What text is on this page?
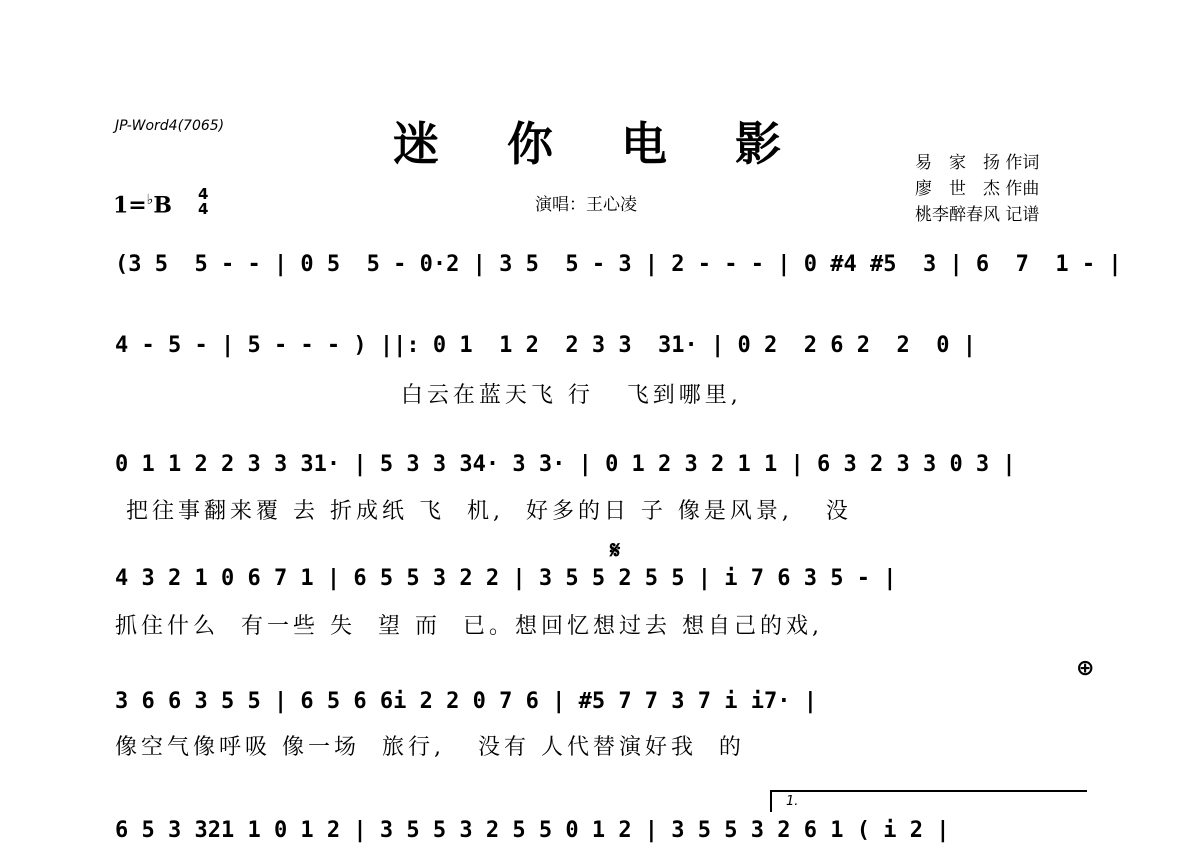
JP-Word4(7065)	迷 你 电 影
1=♭B 4
4	演唱：王心凌
易　家　扬 作词
廖　世　杰 作曲
桃李醉春风 记谱
(3 5  5 - - | 0 5  5 - 0·2 | 3 5  5 - 3 | 2 - - - | 0 #4 #5  3 | 6  7  1 - |
4 - 5 - | 5 - - - ) ||: 0 1  1 2  2 3 3  31· | 0 2  2 6 2  2  0 |
白云在蓝天飞 行   飞到哪里,
0 1 1 2 2 3 3 31· | 5 3 3 34· 3 3· | 0 1 2 3 2 1 1 | 6 3 2 3 3 0 3 |
把往事翻来覆 去 折成纸 飞  机,  好多的日 子 像是风景,   没
𝄋
4 3 2 1 0 6 7 1 | 6 5 5 3 2 2 | 3 5 5 2 5 5 | i 7 6 3 5 - |
抓住什么  有一些 失  望 而  已。想回忆想过去 想自己的戏,
⊕
3 6 6 3 5 5 | 6 5 6 6i 2 2 0 7 6 | #5 7 7 3 7 i i7· |
像空气像呼吸 像一场  旅行,   没有 人代替演好我  的
1.
6 5 3 321 1 0 1 2 | 3 5 5 3 2 5 5 0 1 2 | 3 5 5 3 2 6 1 ( i 2 |
